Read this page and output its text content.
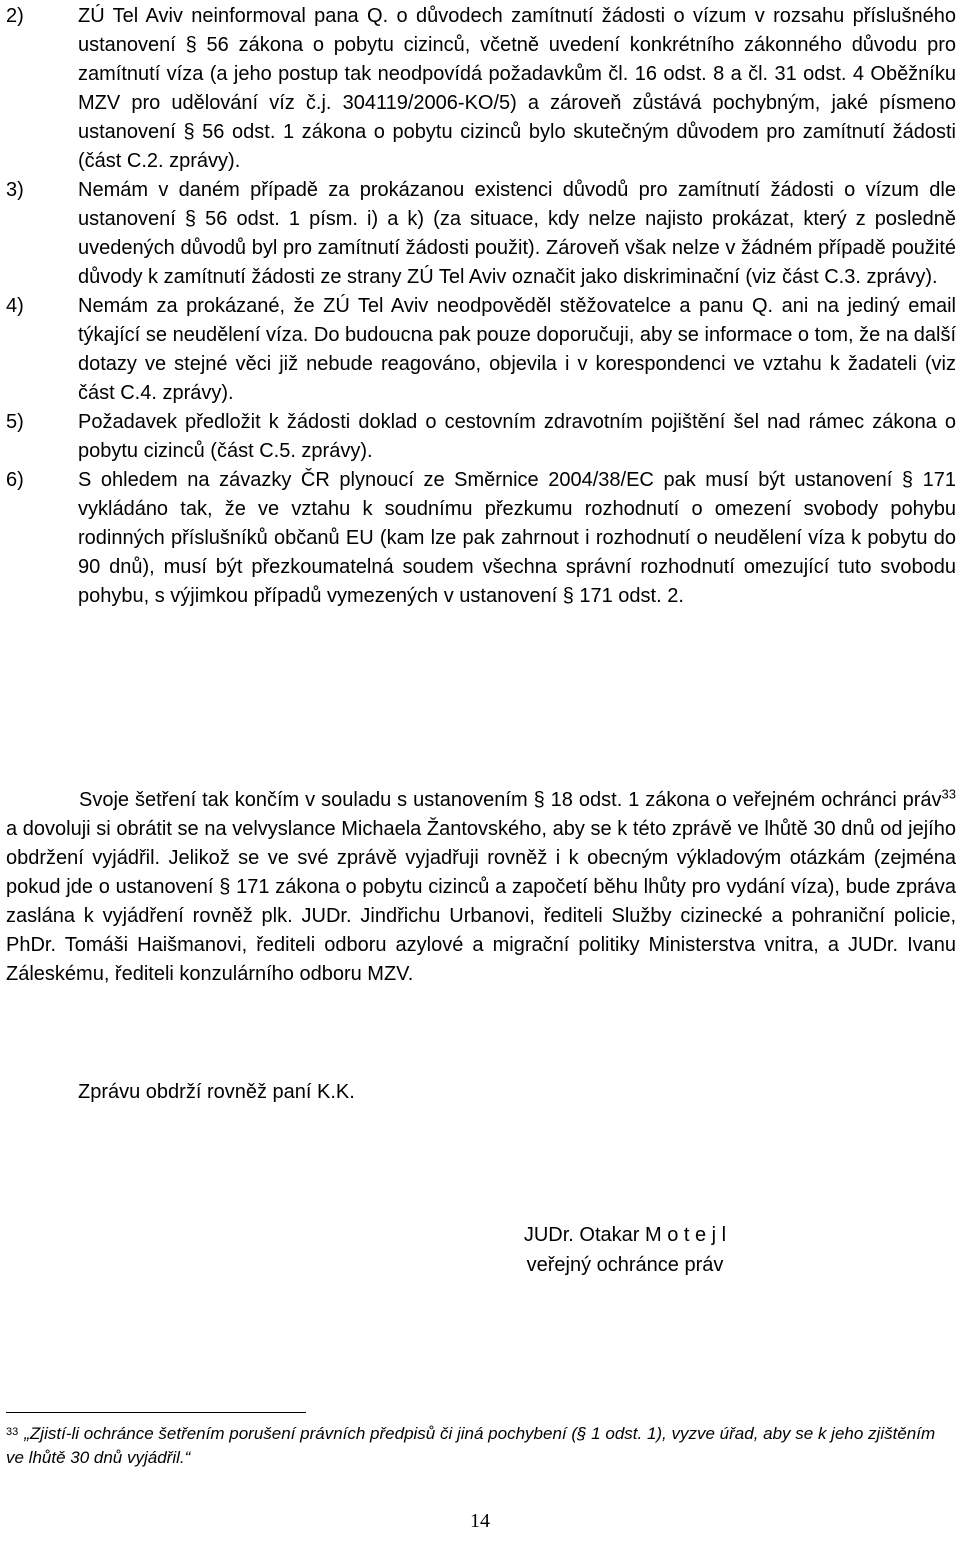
2)	ZÚ Tel Aviv neinformoval pana Q. o důvodech zamítnutí žádosti o vízum v rozsahu příslušného ustanovení § 56 zákona o pobytu cizinců, včetně uvedení konkrétního zákonného důvodu pro zamítnutí víza (a jeho postup tak neodpovídá požadavkům čl. 16 odst. 8 a čl. 31 odst. 4 Oběžníku MZV pro udělování víz č.j. 304119/2006-KO/5) a zároveň zůstává pochybným, jaké písmeno ustanovení § 56 odst. 1 zákona o pobytu cizinců bylo skutečným důvodem pro zamítnutí žádosti (část C.2. zprávy).
3)	Nemám v daném případě za prokázanou existenci důvodů pro zamítnutí žádosti o vízum dle ustanovení § 56 odst. 1 písm. i) a k) (za situace, kdy nelze najisto prokázat, který z posledně uvedených důvodů byl pro zamítnutí žádosti použit). Zároveň však nelze v žádném případě použité důvody k zamítnutí žádosti ze strany ZÚ Tel Aviv označit jako diskriminační (viz část C.3. zprávy).
4)	Nemám za prokázané, že ZÚ Tel Aviv neodpověděl stěžovatelce a panu Q. ani na jediný email týkající se neudělení víza. Do budoucna pak pouze doporučuji, aby se informace o tom, že na další dotazy ve stejné věci již nebude reagováno, objevila i v korespondenci ve vztahu k žadateli (viz část C.4. zprávy).
5)	Požadavek předložit k žádosti doklad o cestovním zdravotním pojištění šel nad rámec zákona o pobytu cizinců (část C.5. zprávy).
6)	S ohledem na závazky ČR plynoucí ze Směrnice 2004/38/EC pak musí být ustanovení § 171 vykládáno tak, že ve vztahu k soudnímu přezkumu rozhodnutí o omezení svobody pohybu rodinných příslušníků občanů EU (kam lze pak zahrnout i rozhodnutí o neudělení víza k pobytu do 90 dnů), musí být přezkoumatelná soudem všechna správní rozhodnutí omezující tuto svobodu pohybu, s výjimkou případů vymezených v ustanovení § 171 odst. 2.
Svoje šetření tak končím v souladu s ustanovením § 18 odst. 1 zákona o veřejném ochránci práv$^{33}$ a dovoluji si obrátit se na velvyslance Michaela Žantovského, aby se k této zprávě ve lhůtě 30 dnů od jejího obdržení vyjádřil. Jelikož se ve své zprávě vyjadřuji rovněž i k obecným výkladovým otázkám (zejména pokud jde o ustanovení § 171 zákona o pobytu cizinců a započetí běhu lhůty pro vydání víza), bude zpráva zaslána k vyjádření rovněž plk. JUDr. Jindřichu Urbanovi, řediteli Služby cizinecké a pohraniční policie, PhDr. Tomáši Haišmanovi, řediteli odboru azylové a migrační politiky Ministerstva vnitra, a JUDr. Ivanu Záleskému, řediteli konzulárního odboru MZV.
Zprávu obdrží rovněž paní K.K.
JUDr. Otakar M o t e j l
veřejný ochránce práv
$^{33}$ „Zjistí-li ochránce šetřením porušení právních předpisů či jiná pochybení (§ 1 odst. 1), vyzve úřad, aby se k jeho zjištěním ve lhůtě 30 dnů vyjádřil.“
14
